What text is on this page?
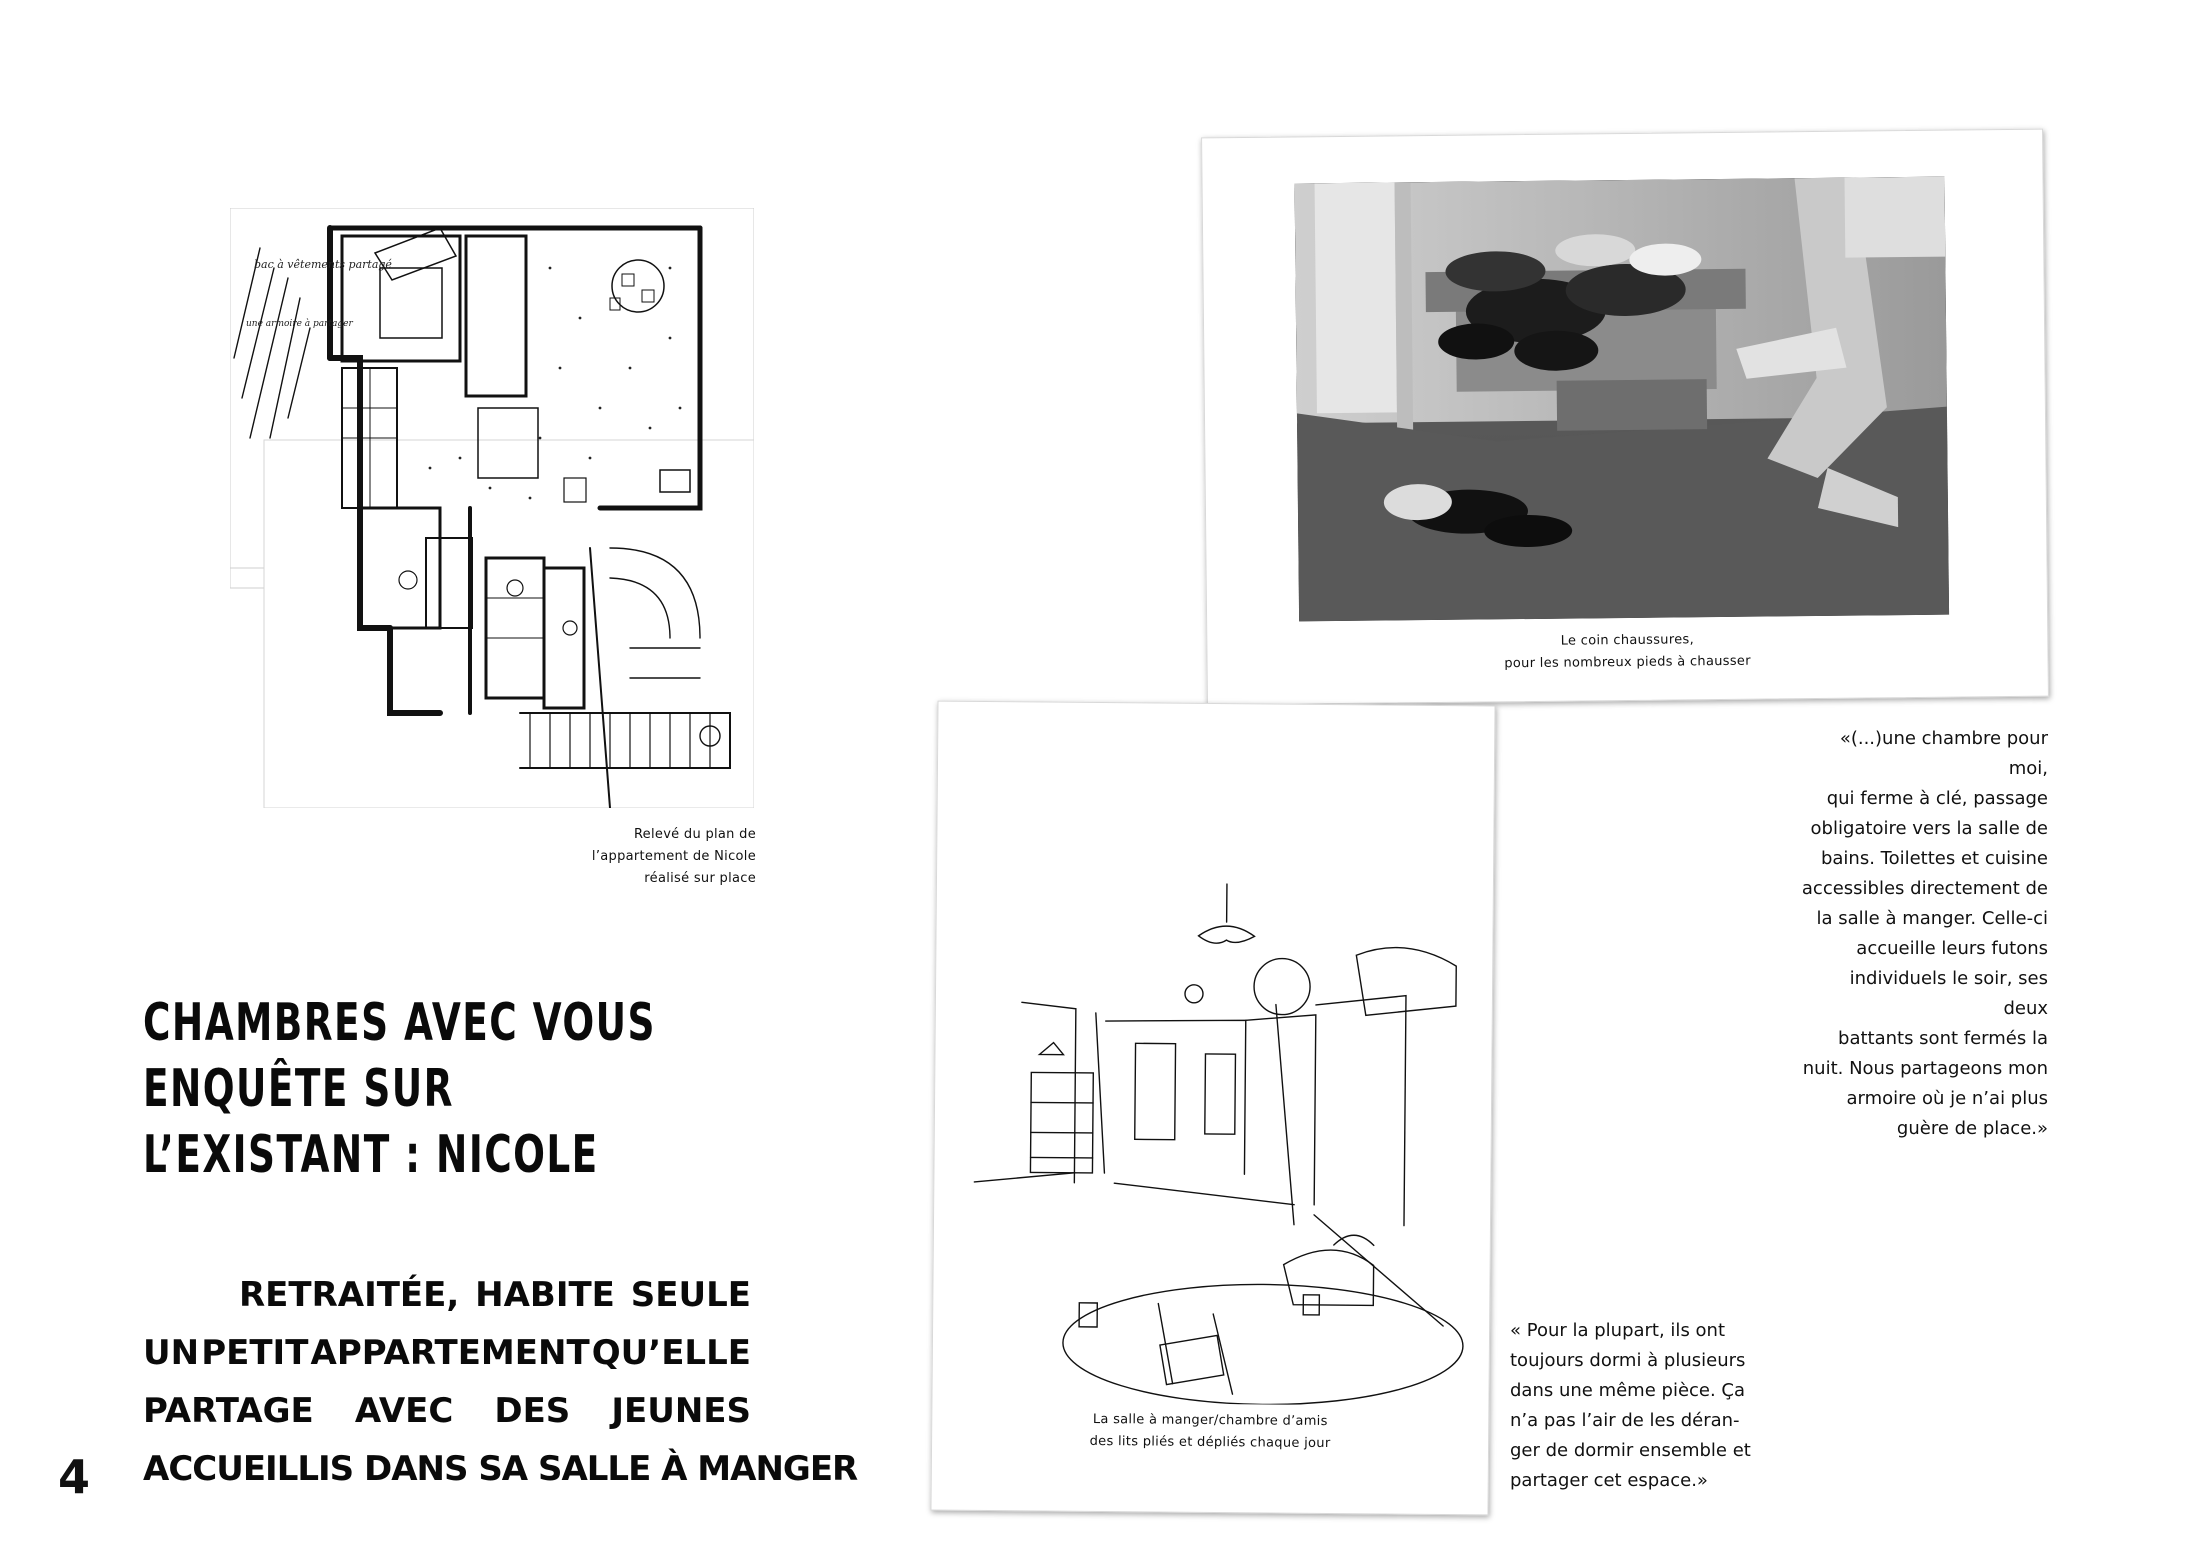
bac à vêtements partagé
une armoire à partager
Relevé du plan de
l’appartement de Nicole
réalisé sur place
Le coin chaussures,
pour les nombreux pieds à chausser
La salle à manger/chambre d’amis
des lits pliés et dépliés chaque jour
CHAMBRES AVEC VOUS
ENQUÊTE SUR
L’EXISTANT : NICOLE
RETRAITÉE, HABITE SEULE
UN PETIT APPARTEMENT QU’ELLE
PARTAGE AVEC DES JEUNES
ACCUEILLIS DANS SA SALLE À MANGER
4
«(...)une chambre pour moi,
qui ferme à clé, passage
obligatoire vers la salle de
bains. Toilettes et cuisine
accessibles directement de
la salle à manger. Celle-ci
accueille leurs futons
individuels le soir, ses deux
battants sont fermés la
nuit. Nous partageons mon
armoire où je n’ai plus
guère de place.»
« Pour la plupart, ils ont
toujours dormi à plusieurs
dans une même pièce. Ça
n’a pas l’air de les déran-
ger de dormir ensemble et
partager cet espace.»
